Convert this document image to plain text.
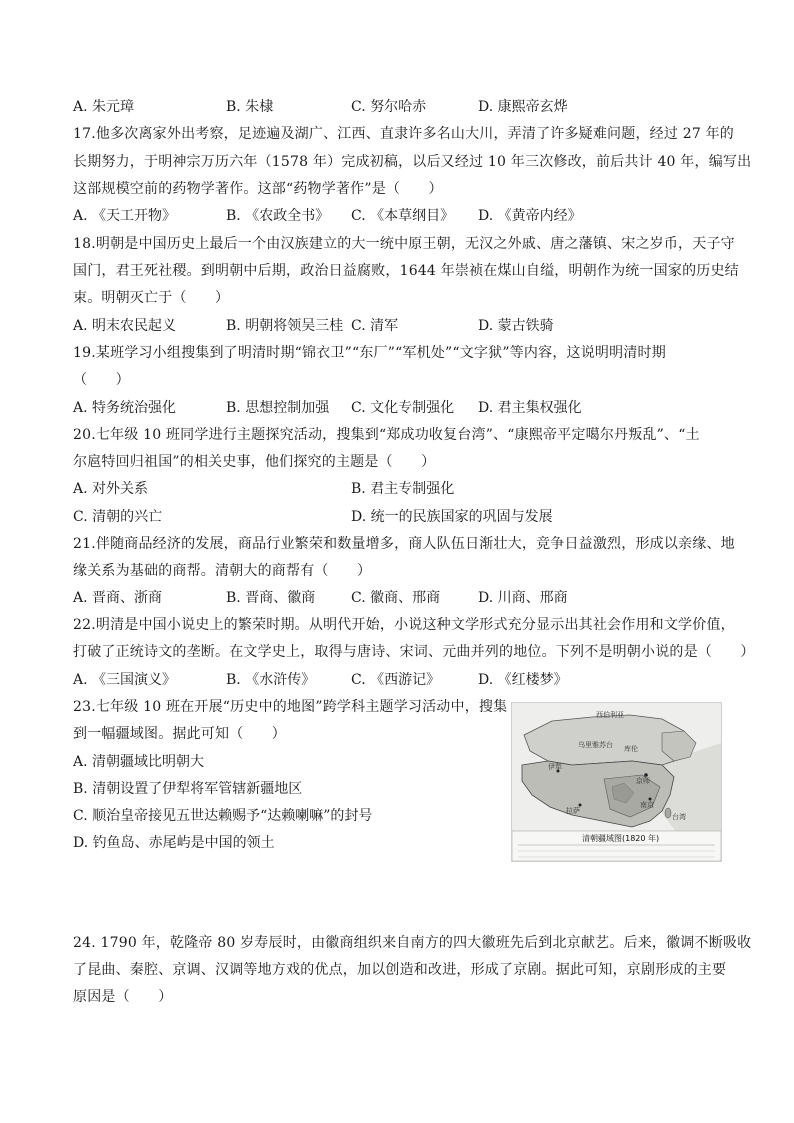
A. 朱元璋	B. 朱棣	C. 努尔哈赤	D. 康熙帝玄烨
17.他多次离家外出考察，足迹遍及湖广、江西、直隶许多名山大川，弄清了许多疑难问题，经过 27 年的
长期努力，于明神宗万历六年（1578 年）完成初稿，以后又经过 10 年三次修改，前后共计 40 年，编写出
这部规模空前的药物学著作。这部“药物学著作”是（　　）
A. 《天工开物》	B. 《农政全书》 C. 《本草纲目》 D. 《黄帝内经》
18.明朝是中国历史上最后一个由汉族建立的大一统中原王朝，无汉之外戚、唐之藩镇、宋之岁币，天子守
国门，君王死社稷。到明朝中后期，政治日益腐败，1644 年崇祯在煤山自缢，明朝作为统一国家的历史结
束。明朝灭亡于（　　）
A. 明末农民起义	B. 明朝将领吴三桂 C. 清军	D. 蒙古铁骑
19.某班学习小组搜集到了明清时期“锦衣卫”“东厂”“军机处”“文字狱”等内容，这说明明清时期
（　　）
A. 特务统治强化	B. 思想控制加强 C. 文化专制强化 D. 君主集权强化
20.七年级 10 班同学进行主题探究活动，搜集到“郑成功收复台湾”、“康熙帝平定噶尔丹叛乱”、“土
尔扈特回归祖国”的相关史事，他们探究的主题是（　　）
A. 对外关系	B. 君主专制强化
C. 清朝的兴亡	D. 统一的民族国家的巩固与发展
21.伴随商品经济的发展，商品行业繁荣和数量增多，商人队伍日渐壮大，竞争日益激烈，形成以亲缘、地
缘关系为基础的商帮。清朝大的商帮有（　　）
A. 晋商、浙商	B. 晋商、徽商	C. 徽商、邢商	D. 川商、邢商
22.明清是中国小说史上的繁荣时期。从明代开始，小说这种文学形式充分显示出其社会作用和文学价值，
打破了正统诗文的垄断。在文学史上，取得与唐诗、宋词、元曲并列的地位。下列不是明朝小说的是（　　）
A. 《三国演义》	B. 《水浒传》	C. 《西游记》	D. 《红楼梦》
23.七年级 10 班在开展“历史中的地图”跨学科主题学习活动中，搜集
到一幅疆域图。据此可知（　　）
A. 清朝疆域比明朝大
B. 清朝设置了伊犁将军管辖新疆地区
C. 顺治皇帝接见五世达赖赐予“达赖喇嘛”的封号
D. 钓鱼岛、赤尾屿是中国的领土
西伯利亚
乌里雅苏台
伊犁
库伦
京师
拉萨
南京
台湾
清朝疆域图(1820 年)
24. 1790 年，乾隆帝 80 岁寿辰时，由徽商组织来自南方的四大徽班先后到北京献艺。后来，徽调不断吸收
了昆曲、秦腔、京调、汉调等地方戏的优点，加以创造和改进，形成了京剧。据此可知，京剧形成的主要
原因是（　　）
